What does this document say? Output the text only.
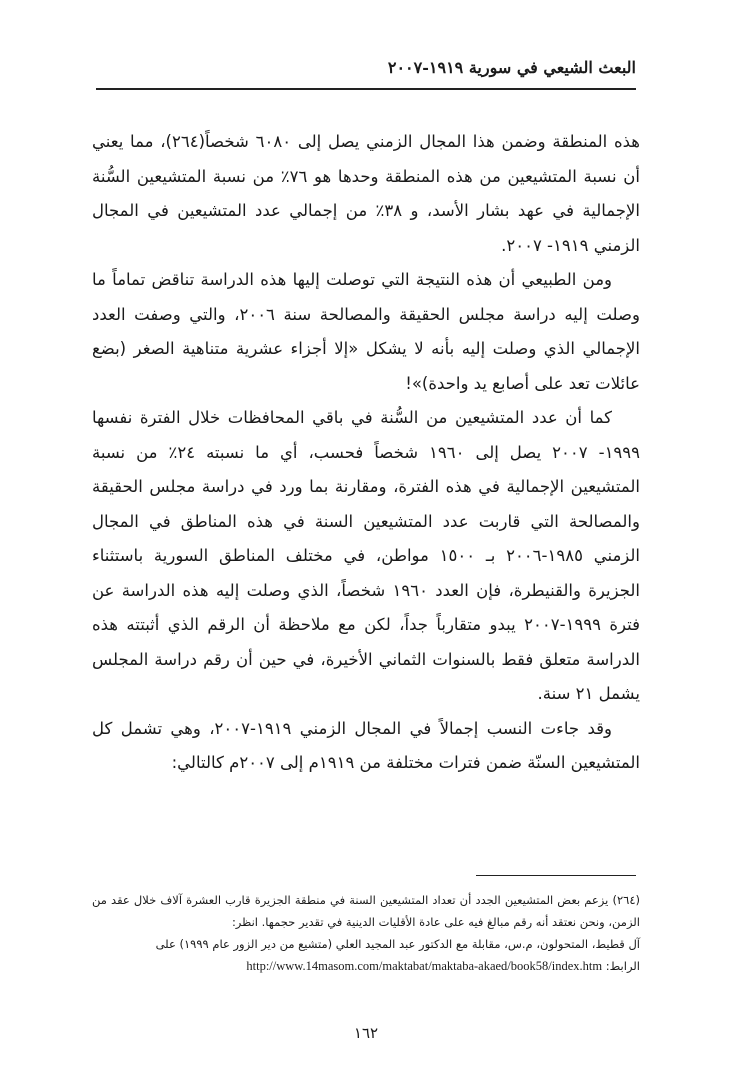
البعث الشيعي في سورية ١٩١٩-٢٠٠٧

هذه المنطقة وضمن هذا المجال الزمني يصل إلى ٦٠٨٠ شخصاً(٢٦٤)، مما يعني أن نسبة المتشيعين من هذه المنطقة وحدها هو ٧٦٪ من نسبة المتشيعين السُّنة الإجمالية في عهد بشار الأسد، و ٣٨٪ من إجمالي عدد المتشيعين في المجال الزمني ١٩١٩- ٢٠٠٧.

ومن الطبيعي أن هذه النتيجة التي توصلت إليها هذه الدراسة تناقض تماماً ما وصلت إليه دراسة مجلس الحقيقة والمصالحة سنة ٢٠٠٦، والتي وصفت العدد الإجمالي الذي وصلت إليه بأنه لا يشكل «إلا أجزاء عشرية متناهية الصغر (بضع عائلات تعد على أصابع يد واحدة)»!

كما أن عدد المتشيعين من السُّنة في باقي المحافظات خلال الفترة نفسها ١٩٩٩- ٢٠٠٧ يصل إلى ١٩٦٠ شخصاً فحسب، أي ما نسبته ٢٤٪ من نسبة المتشيعين الإجمالية في هذه الفترة، ومقارنة بما ورد في دراسة مجلس الحقيقة والمصالحة التي قاربت عدد المتشيعين السنة في هذه المناطق في المجال الزمني ١٩٨٥-٢٠٠٦ بـ ١٥٠٠ مواطن، في مختلف المناطق السورية باستثناء الجزيرة والقنيطرة، فإن العدد ١٩٦٠ شخصاً، الذي وصلت إليه هذه الدراسة عن فترة ١٩٩٩-٢٠٠٧ يبدو متقارباً جداً، لكن مع ملاحظة أن الرقم الذي أثبتته هذه الدراسة متعلق فقط بالسنوات الثماني الأخيرة، في حين أن رقم دراسة المجلس يشمل ٢١ سنة.

وقد جاءت النسب إجمالاً في المجال الزمني ١٩١٩-٢٠٠٧، وهي تشمل كل المتشيعين السنّة ضمن فترات مختلفة من ١٩١٩م إلى ٢٠٠٧م كالتالي:

(٢٦٤) يزعم بعض المتشيعين الجدد أن تعداد المتشيعين السنة في منطقة الجزيرة قارب العشرة آلاف خلال عقد من الزمن، ونحن نعتقد أنه رقم مبالغ فيه على عادة الأقليات الدينية في تقدير حجمها. انظر:

آل قطيط، المتحولون، م.س، مقابلة مع الدكتور عبد المجيد العلي (متشيع من دير الزور عام ١٩٩٩) على

الرابط: http://www.14masom.com/maktabat/maktaba-akaed/book58/index.htm

١٦٢
